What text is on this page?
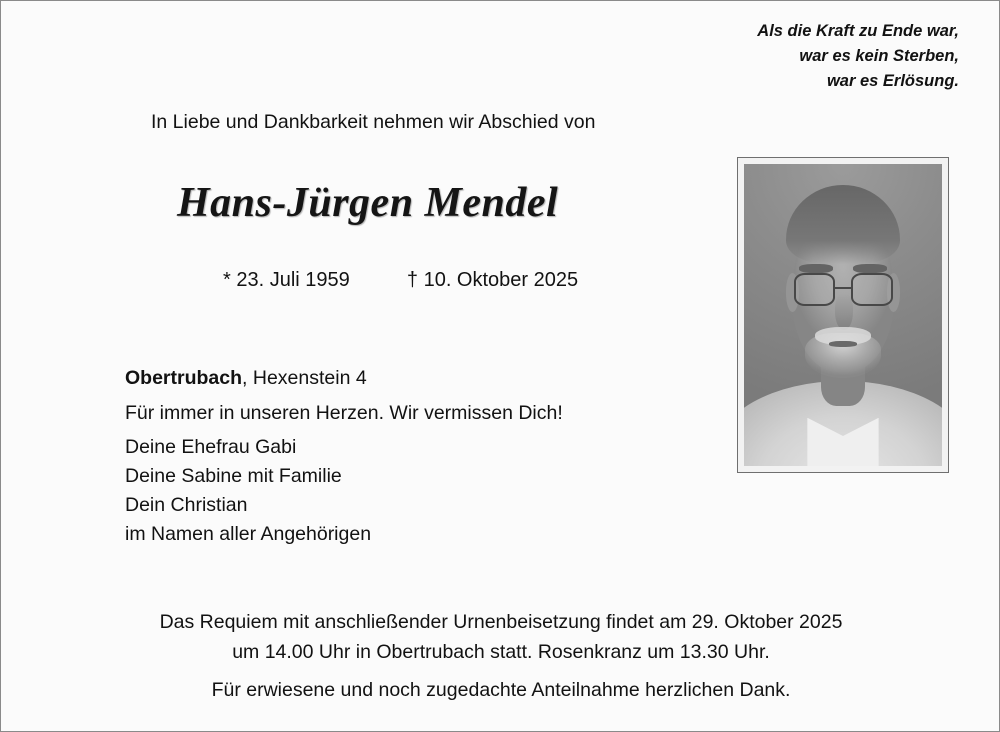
Als die Kraft zu Ende war,
war es kein Sterben,
war es Erlösung.
In Liebe und Dankbarkeit nehmen wir Abschied von
Hans-Jürgen Mendel
* 23. Juli 1959	† 10. Oktober 2025
Obertrubach, Hexenstein 4
Für immer in unseren Herzen. Wir vermissen Dich!
Deine Ehefrau Gabi
Deine Sabine mit Familie
Dein Christian
im Namen aller Angehörigen
Das Requiem mit anschließender Urnenbeisetzung findet am 29. Oktober 2025
um 14.00 Uhr in Obertrubach statt. Rosenkranz um 13.30 Uhr.
Für erwiesene und noch zugedachte Anteilnahme herzlichen Dank.
